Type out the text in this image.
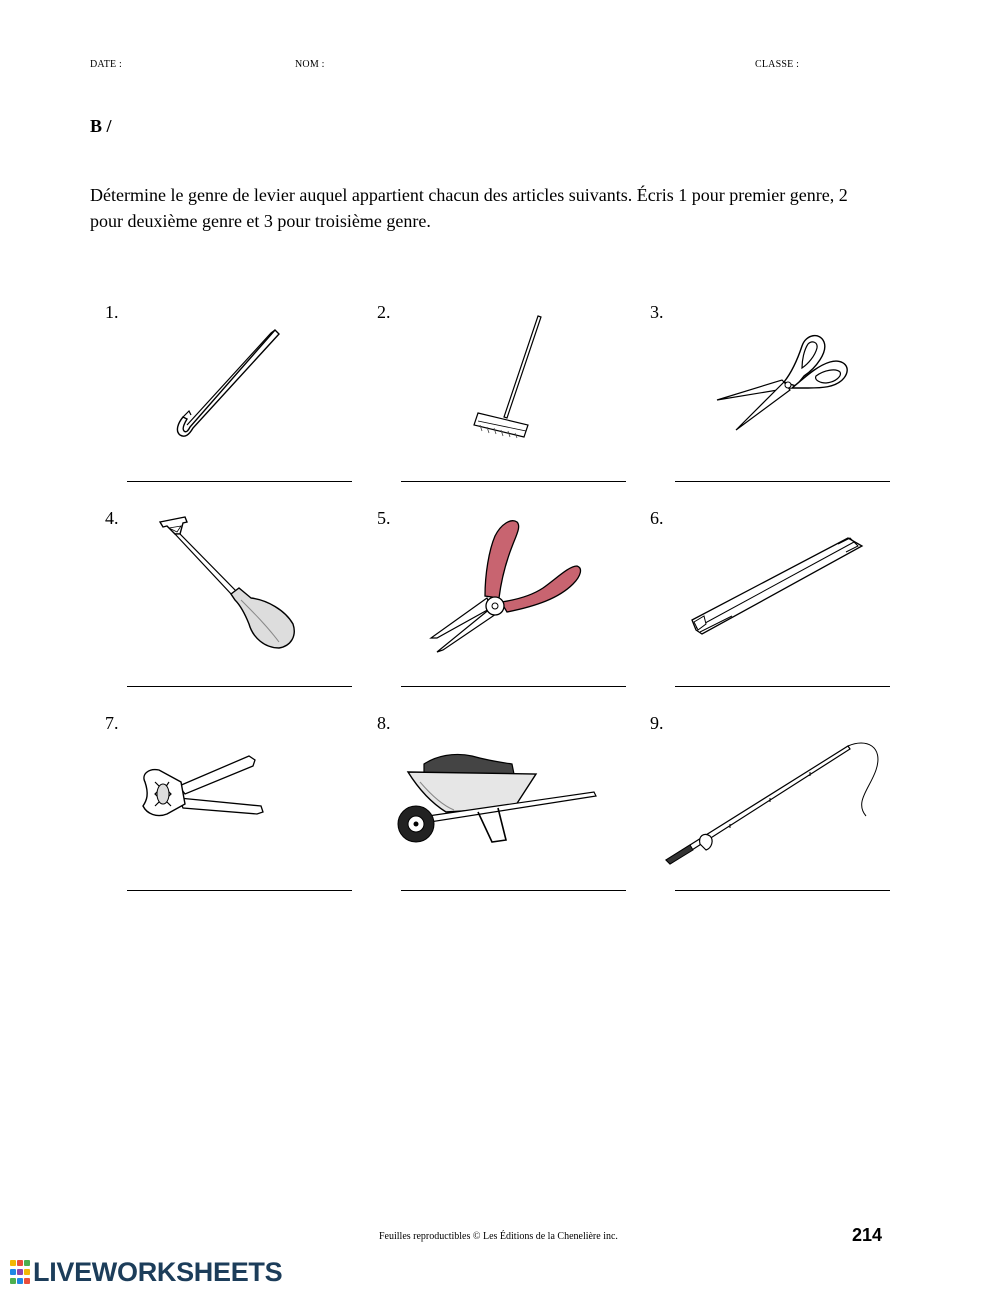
DATE :	NOM :	CLASSE :
B /
Détermine le genre de levier auquel appartient chacun des articles suivants. Écris 1 pour premier genre, 2 pour deuxième genre et 3 pour troisième genre.
1.	2.	3.
4.	5.	6.
7.	8.	9.
Feuilles reproductibles © Les Éditions de la Chenelière inc.	214
LIVEWORKSHEETS
